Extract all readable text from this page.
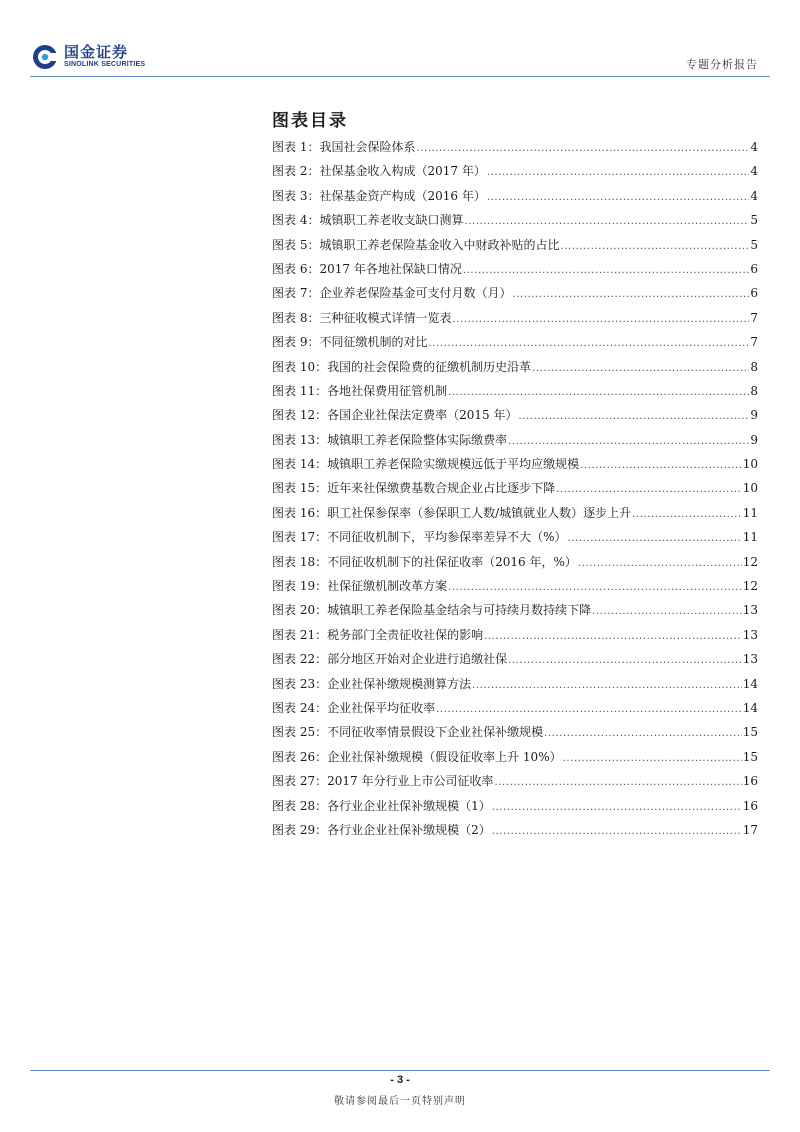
国金证券
SINOLINK SECURITIES	专题分析报告
图表目录
图表 1 ： 我国社会保险体系 .....	4
图表 2 ： 社保基金收入构成（2017 年） .....	4
图表 3 ： 社保基金资产构成（2016 年） .....	4
图表 4 ： 城镇职工养老收支缺口测算 .....	5
图表 5 ： 城镇职工养老保险基金收入中财政补贴的占比 .....	5
图表 6 ： 2017 年各地社保缺口情况 .....	6
图表 7 ： 企业养老保险基金可支付月数（月） .....	6
图表 8 ： 三种征收模式详情一览表 .....	7
图表 9 ： 不同征缴机制的对比 .....	7
图表 10 ： 我国的社会保险费的征缴机制历史沿革 .....	8
图表 11 ： 各地社保费用征管机制 .....	8
图表 12 ： 各国企业社保法定费率（2015 年） .....	9
图表 13 ： 城镇职工养老保险整体实际缴费率 .....	9
图表 14 ： 城镇职工养老保险实缴规模远低于平均应缴规模 .....	10
图表 15 ： 近年来社保缴费基数合规企业占比逐步下降 .....	10
图表 16 ： 职工社保参保率（参保职工人数/城镇就业人数）逐步上升 .....	11
图表 17 ： 不同征收机制下，平均参保率差异不大（%） .....	11
图表 18 ： 不同征收机制下的社保征收率（2016 年，%） .....	12
图表 19 ： 社保征缴机制改革方案 .....	12
图表 20 ： 城镇职工养老保险基金结余与可持续月数持续下降 .....	13
图表 21 ： 税务部门全责征收社保的影响 .....	13
图表 22 ： 部分地区开始对企业进行追缴社保 .....	13
图表 23 ： 企业社保补缴规模测算方法 .....	14
图表 24 ： 企业社保平均征收率 .....	14
图表 25 ： 不同征收率情景假设下企业社保补缴规模 .....	15
图表 26 ： 企业社保补缴规模（假设征收率上升 10%） .....	15
图表 27 ： 2017 年分行业上市公司征收率 .....	16
图表 28 ： 各行业企业社保补缴规模（1） .....	16
图表 29 ： 各行业企业社保补缴规模（2） .....	17
- 3 -
敬请参阅最后一页特别声明
